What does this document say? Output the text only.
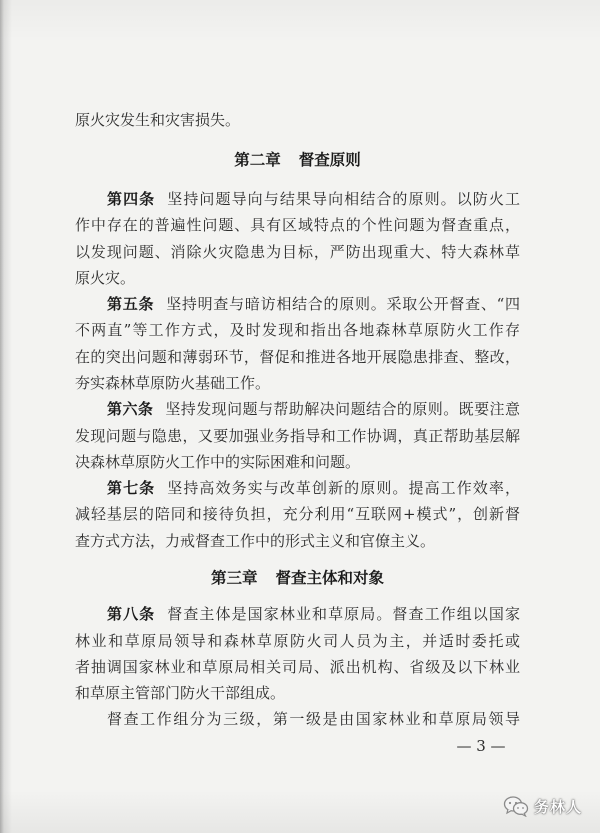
原火灾发生和灾害损失。
第二章 督查原则
第四条 坚持问题导向与结果导向相结合的原则。以防火工
作中存在的普遍性问题、具有区域特点的个性问题为督查重点，
以发现问题、消除火灾隐患为目标，严防出现重大、特大森林草
原火灾。
第五条 坚持明查与暗访相结合的原则。采取公开督查、“四
不两直”等工作方式，及时发现和指出各地森林草原防火工作存
在的突出问题和薄弱环节，督促和推进各地开展隐患排查、整改，
夯实森林草原防火基础工作。
第六条 坚持发现问题与帮助解决问题结合的原则。既要注意
发现问题与隐患，又要加强业务指导和工作协调，真正帮助基层解
决森林草原防火工作中的实际困难和问题。
第七条 坚持高效务实与改革创新的原则。提高工作效率，
减轻基层的陪同和接待负担，充分利用“互联网+模式”，创新督
查方式方法，力戒督查工作中的形式主义和官僚主义。
第三章 督查主体和对象
第八条 督查主体是国家林业和草原局。督查工作组以国家
林业和草原局领导和森林草原防火司人员为主，并适时委托或
者抽调国家林业和草原局相关司局、派出机构、省级及以下林业
和草原主管部门防火干部组成。
督查工作组分为三级，第一级是由国家林业和草原局领导
— 3 —
务林人
